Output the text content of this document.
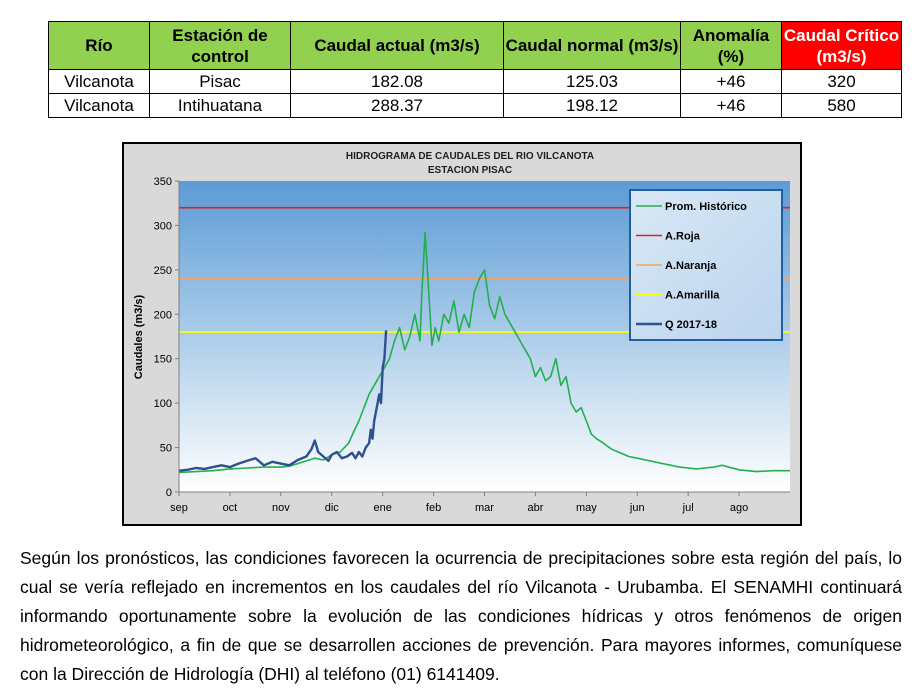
Río	Estación de control	Caudal actual (m3/s)	Caudal normal (m3/s)	Anomalía (%)	Caudal Crítico (m3/s)
Vilcanota	Pisac	182.08	125.03	+46	320
Vilcanota	Intihuatana	288.37	198.12	+46	580
HIDROGRAMA DE CAUDALES DEL RIO VILCANOTA
ESTACION PISAC
Caudales (m3/s)
0
50
100
150
200
250
300
350
sep	oct	nov	dic	ene	feb	mar	abr	may	jun	jul	ago
Prom. Histórico
A.Roja
A.Naranja
A.Amarilla
Q 2017-18

Según los pronósticos, las condiciones favorecen la ocurrencia de precipitaciones sobre esta región del país, lo cual se vería reflejado en incrementos en los caudales del río Vilcanota - Urubamba. El SENAMHI continuará informando oportunamente sobre la evolución de las condiciones hídricas y otros fenómenos de origen hidrometeorológico, a fin de que se desarrollen acciones de prevención. Para mayores informes, comuníquese con la Dirección de Hidrología (DHI) al teléfono (01) 6141409.
